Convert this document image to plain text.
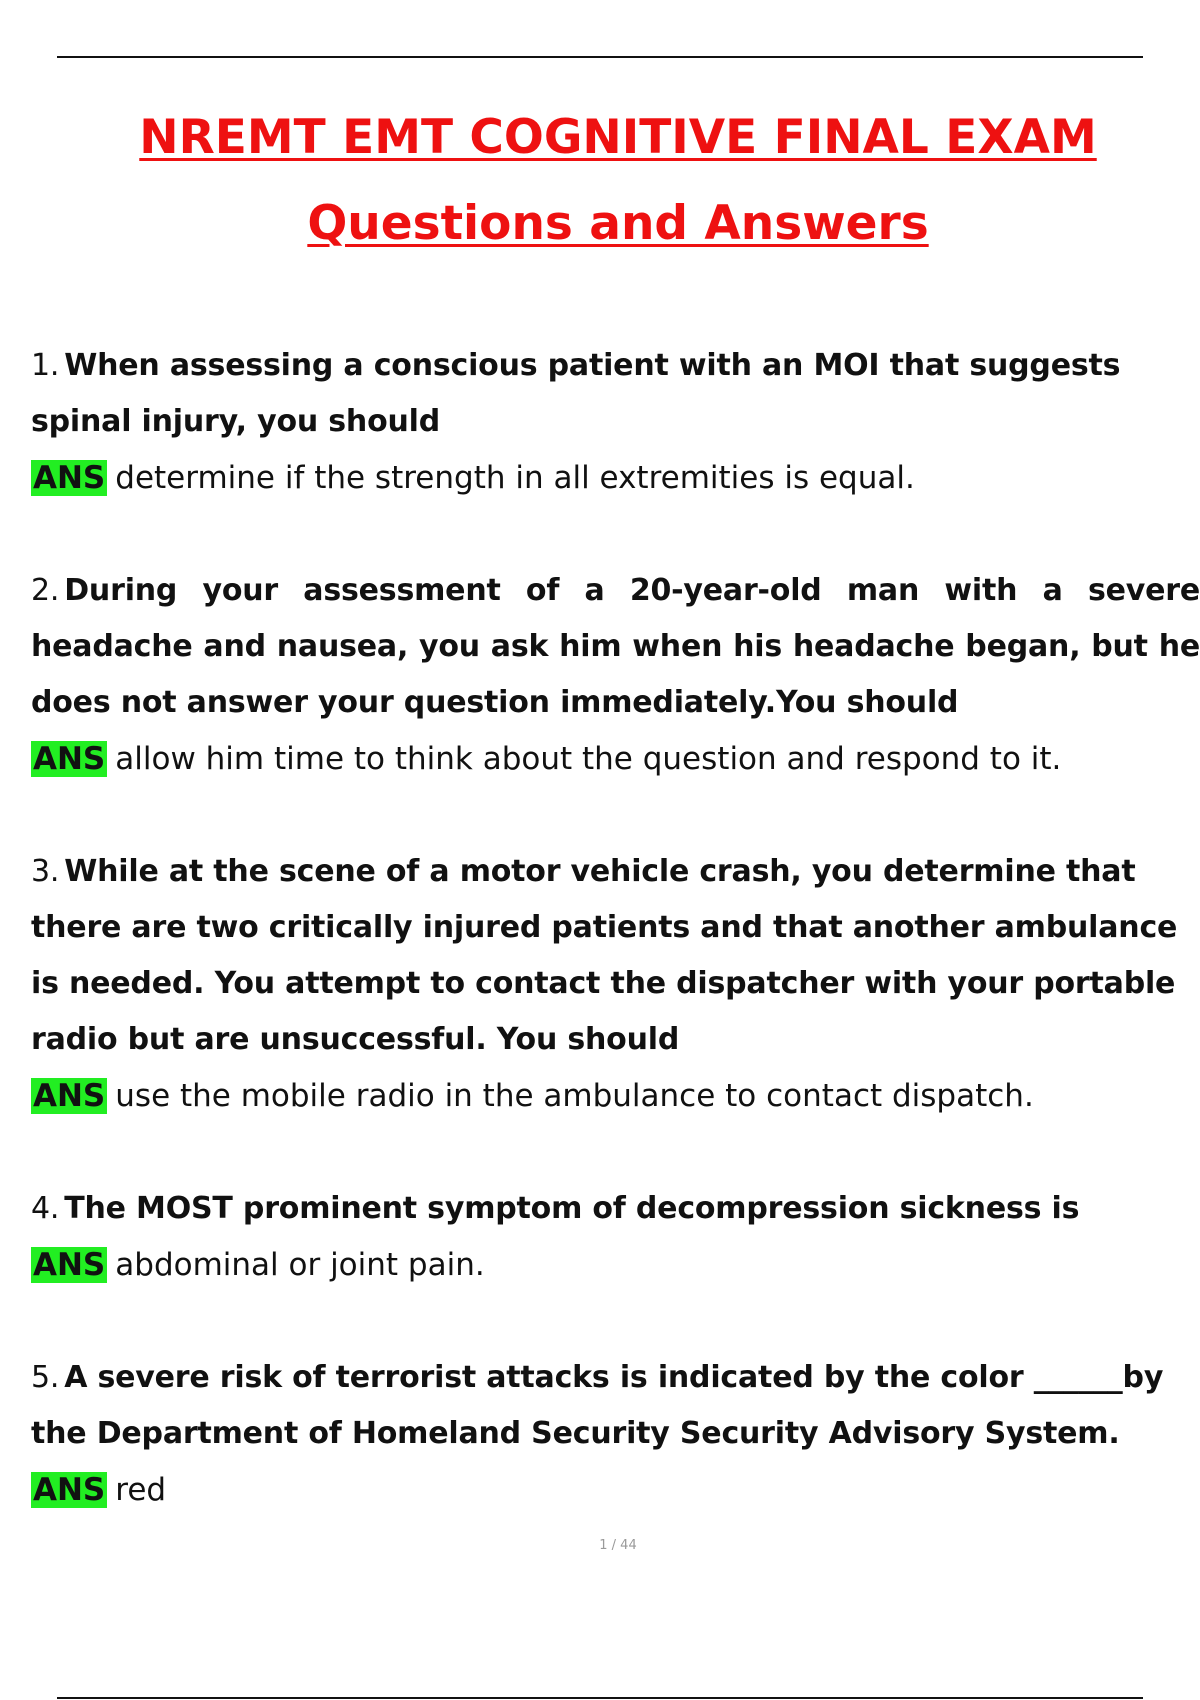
NREMT EMT COGNITIVE FINAL EXAM
Questions and Answers

1. When assessing a conscious patient with an MOI that suggests spinal injury, you should

ANS determine if the strength in all extremities is equal.

2. During your assessment of a 20-year-old man with a severe headache and nausea, you ask him when his headache began, but he does not answer your question immediately.You should

ANS allow him time to think about the question and respond to it.

3. While at the scene of a motor vehicle crash, you determine that there are two critically injured patients and that another ambulance is needed. You attempt to contact the dispatcher with your portable radio but are unsuccessful. You should

ANS use the mobile radio in the ambulance to contact dispatch.

4. The MOST prominent symptom of decompression sickness is

ANS abdominal or joint pain.

5. A severe risk of terrorist attacks is indicated by the color ______by the Department of Homeland Security Security Advisory System.

ANS red

1 / 44
